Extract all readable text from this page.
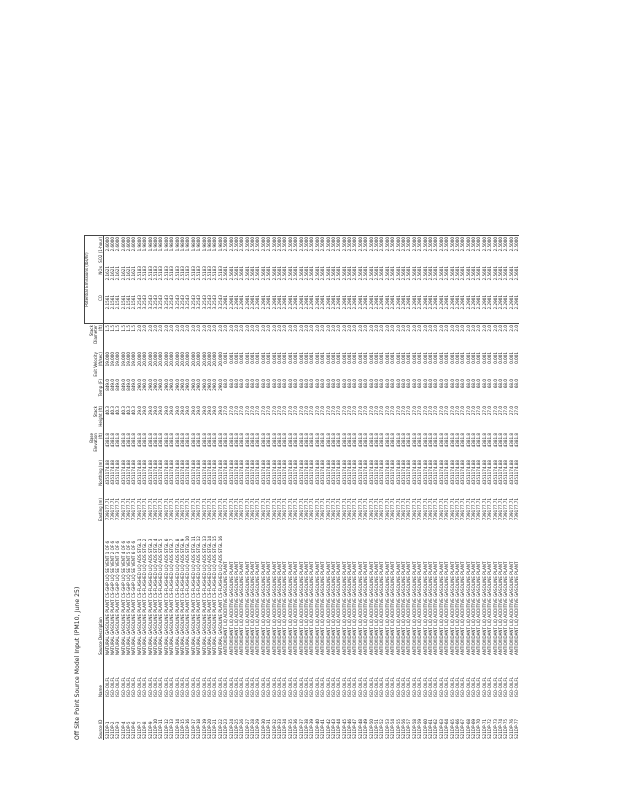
Off Site Point Source Model Input (PM10, June 25)
										Potential Emissions (lbs/hr)		
Source ID	Name	Source Description	Easting (m)	Northing (m)	Base Elevation (ft)	Stack Height (ft)	Temp (F)	Exit Velocity (ft/sec)	Stack Diameter (ft)	CO	NOx	SO2 (1-hour)
S21DP-1	ISO-OILFL	NATURAL GASOLINE PLANT CS-GHP LIQ SE VENT 1 OF 6	739177.71	4351174.88	4381.8	40.3	849.0	19.000	1.5	2.1561	2.1621	2.6000
S21DP-2	ISO-OILFL	NATURAL GASOLINE PLANT CS-GHP LIQ SE VENT 2 OF 6	739177.71	4351174.88	4381.8	40.3	849.0	19.000	1.5	2.1561	2.1621	2.6000
S21DP-3	ISO-OILFL	NATURAL GASOLINE PLANT CS-GHP LIQ SE VENT 3 OF 6	739177.71	4351174.88	4381.8	40.3	849.0	19.000	1.5	2.1561	2.1621	2.6000
S21DP-4	ISO-OILFL	NATURAL GASOLINE PLANT CS-GHP LIQ SE VENT 4 OF 6	739177.71	4351174.88	4381.8	40.3	849.0	19.000	1.5	2.1561	2.1621	2.6000
S21DP-5	ISO-OILFL	NATURAL GASOLINE PLANT CS-GHP LIQ SE VENT 5 OF 6	739177.71	4351174.88	4381.8	40.3	849.0	19.000	1.5	2.1561	2.1621	2.6000
S21DP-6	ISO-OILFL	NATURAL GASOLINE PLANT CS-GHP LIQ SE VENT 6 OF 6	739177.71	4351174.88	4381.8	40.3	849.0	19.000	1.5	2.1561	2.1621	2.6000
S21DP-7	ISO-OILFL	NATURAL GASOLINE PLANT CS-FLASHED LIQ ADS STGL 1	739177.71	4351174.88	4381.8	29.0	290.0	20.000	2.0	3.2543	2.5183	1.9800
S21DP-8	ISO-OILFL	NATURAL GASOLINE PLANT CS-FLASHED LIQ ADS STGL 2	739177.71	4351174.88	4381.8	29.0	290.0	20.000	2.0	3.2543	2.5183	1.9800
S21DP-9	ISO-OILFL	NATURAL GASOLINE PLANT CS-FLASHED LIQ ADS STGL 3	739177.71	4351174.88	4381.8	29.0	290.0	20.000	2.0	3.2543	2.5183	1.9800
S21DP-10	ISO-OILFL	NATURAL GASOLINE PLANT CS-FLASHED LIQ ADS STGL 4	739177.71	4351174.88	4381.8	29.0	290.0	20.000	2.0	3.2543	2.5183	1.9800
S21DP-11	ISO-OILFL	NATURAL GASOLINE PLANT CS-FLASHED LIQ ADS STGL 5	739177.71	4351174.88	4381.8	29.0	290.0	20.000	2.0	3.2543	2.5183	1.9800
S21DP-12	ISO-OILFL	NATURAL GASOLINE PLANT CS-FLASHED LIQ ADS STGL 6	739177.71	4351174.88	4381.8	29.0	290.0	20.000	2.0	3.2543	2.5183	1.9800
S21DP-13	ISO-OILFL	NATURAL GASOLINE PLANT CS-FLASHED LIQ ADS STGL 7	739177.71	4351174.88	4381.8	29.0	290.0	20.000	2.0	3.2543	2.5183	1.9800
S21DP-14	ISO-OILFL	NATURAL GASOLINE PLANT CS-FLASHED LIQ ADS STGL 8	739177.71	4351174.88	4381.8	29.0	290.0	20.000	2.0	3.2543	2.5183	1.9800
S21DP-15	ISO-OILFL	NATURAL GASOLINE PLANT CS-FLASHED LIQ ADS STGL 9	739177.71	4351174.88	4381.8	29.0	290.0	20.000	2.0	3.2543	2.5183	1.9800
S21DP-16	ISO-OILFL	NATURAL GASOLINE PLANT CS-FLASHED LIQ ADS STGL 10	739177.71	4351174.88	4381.8	29.0	290.0	20.000	2.0	3.2543	2.5183	1.9800
S21DP-17	ISO-OILFL	NATURAL GASOLINE PLANT CS-FLASHED LIQ ADS STGL 11	739177.71	4351174.88	4381.8	29.0	290.0	20.000	2.0	3.2543	2.5183	1.9800
S21DP-18	ISO-OILFL	NATURAL GASOLINE PLANT CS-FLASHED LIQ ADS STGL 12	739177.71	4351174.88	4381.8	29.0	290.0	20.000	2.0	3.2543	2.5183	1.9800
S21DP-19	ISO-OILFL	NATURAL GASOLINE PLANT CS-FLASHED LIQ ADS STGL 13	739177.71	4351174.88	4381.8	29.0	290.0	20.000	2.0	3.2543	2.5183	1.9800
S21DP-20	ISO-OILFL	NATURAL GASOLINE PLANT CS-FLASHED LIQ ADS STGL 14	739177.71	4351174.88	4381.8	29.0	290.0	20.000	2.0	3.2543	2.5183	1.9800
S21DP-21	ISO-OILFL	NATURAL GASOLINE PLANT CS-FLASHED LIQ ADS STGL 15	739177.71	4351174.88	4381.8	29.0	290.0	20.000	2.0	3.2543	2.5183	1.9800
S21DP-22	ISO-OILFL	NATURAL GASOLINE PLANT CS-FLASHED LIQ ADS STGL 16	739177.71	4351174.88	4381.8	29.0	290.0	20.000	2.0	3.2543	2.5183	1.9800
S21DP-23	ISO-OILFL	ANTIOXIDANT LIQ ADDITIVE GASOLINE PLANT	739177.71	4351174.88	4381.8	27.0	68.0	0.001	2.0	2.2901	2.5601	2.5000
S21DP-24	ISO-OILFL	ANTIOXIDANT LIQ ADDITIVE GASOLINE PLANT	739177.71	4351174.88	4381.8	27.0	68.0	0.001	2.0	2.2901	2.5601	2.5000
S21DP-25	ISO-OILFL	ANTIOXIDANT LIQ ADDITIVE GASOLINE PLANT	739177.71	4351174.88	4381.8	27.0	68.0	0.001	2.0	2.2901	2.5601	2.5000
S21DP-26	ISO-OILFL	ANTIOXIDANT LIQ ADDITIVE GASOLINE PLANT	739177.71	4351174.88	4381.8	27.0	68.0	0.001	2.0	2.2901	2.5601	2.5000
S21DP-27	ISO-OILFL	ANTIOXIDANT LIQ ADDITIVE GASOLINE PLANT	739177.71	4351174.88	4381.8	27.0	68.0	0.001	2.0	2.2901	2.5601	2.5000
S21DP-28	ISO-OILFL	ANTIOXIDANT LIQ ADDITIVE GASOLINE PLANT	739177.71	4351174.88	4381.8	27.0	68.0	0.001	2.0	2.2901	2.5601	2.5000
S21DP-29	ISO-OILFL	ANTIOXIDANT LIQ ADDITIVE GASOLINE PLANT	739177.71	4351174.88	4381.8	27.0	68.0	0.001	2.0	2.2901	2.5601	2.5000
S21DP-30	ISO-OILFL	ANTIOXIDANT LIQ ADDITIVE GASOLINE PLANT	739177.71	4351174.88	4381.8	27.0	68.0	0.001	2.0	2.2901	2.5601	2.5000
S21DP-31	ISO-OILFL	ANTIOXIDANT LIQ ADDITIVE GASOLINE PLANT	739177.71	4351174.88	4381.8	27.0	68.0	0.001	2.0	2.2901	2.5601	2.5000
S21DP-32	ISO-OILFL	ANTIOXIDANT LIQ ADDITIVE GASOLINE PLANT	739177.71	4351174.88	4381.8	27.0	68.0	0.001	2.0	2.2901	2.5601	2.5000
S21DP-33	ISO-OILFL	ANTIOXIDANT LIQ ADDITIVE GASOLINE PLANT	739177.71	4351174.88	4381.8	27.0	68.0	0.001	2.0	2.2901	2.5601	2.5000
S21DP-34	ISO-OILFL	ANTIOXIDANT LIQ ADDITIVE GASOLINE PLANT	739177.71	4351174.88	4381.8	27.0	68.0	0.001	2.0	2.2901	2.5601	2.5000
S21DP-35	ISO-OILFL	ANTIOXIDANT LIQ ADDITIVE GASOLINE PLANT	739177.71	4351174.88	4381.8	27.0	68.0	0.001	2.0	2.2901	2.5601	2.5000
S21DP-36	ISO-OILFL	ANTIOXIDANT LIQ ADDITIVE GASOLINE PLANT	739177.71	4351174.88	4381.8	27.0	68.0	0.001	2.0	2.2901	2.5601	2.5000
S21DP-37	ISO-OILFL	ANTIOXIDANT LIQ ADDITIVE GASOLINE PLANT	739177.71	4351174.88	4381.8	27.0	68.0	0.001	2.0	2.2901	2.5601	2.5000
S21DP-38	ISO-OILFL	ANTIOXIDANT LIQ ADDITIVE GASOLINE PLANT	739177.71	4351174.88	4381.8	27.0	68.0	0.001	2.0	2.2901	2.5601	2.5000
S21DP-39	ISO-OILFL	ANTIOXIDANT LIQ ADDITIVE GASOLINE PLANT	739177.71	4351174.88	4381.8	27.0	68.0	0.001	2.0	2.2901	2.5601	2.5000
S21DP-40	ISO-OILFL	ANTIOXIDANT LIQ ADDITIVE GASOLINE PLANT	739177.71	4351174.88	4381.8	27.0	68.0	0.001	2.0	2.2901	2.5601	2.5000
S21DP-41	ISO-OILFL	ANTIOXIDANT LIQ ADDITIVE GASOLINE PLANT	739177.71	4351174.88	4381.8	27.0	68.0	0.001	2.0	2.2901	2.5601	2.5000
S21DP-42	ISO-OILFL	ANTIOXIDANT LIQ ADDITIVE GASOLINE PLANT	739177.71	4351174.88	4381.8	27.0	68.0	0.001	2.0	2.2901	2.5601	2.5000
S21DP-43	ISO-OILFL	ANTIOXIDANT LIQ ADDITIVE GASOLINE PLANT	739177.71	4351174.88	4381.8	27.0	68.0	0.001	2.0	2.2901	2.5601	2.5000
S21DP-44	ISO-OILFL	ANTIOXIDANT LIQ ADDITIVE GASOLINE PLANT	739177.71	4351174.88	4381.8	27.0	68.0	0.001	2.0	2.2901	2.5601	2.5000
S21DP-45	ISO-OILFL	ANTIOXIDANT LIQ ADDITIVE GASOLINE PLANT	739177.71	4351174.88	4381.8	27.0	68.0	0.001	2.0	2.2901	2.5601	2.5000
S21DP-46	ISO-OILFL	ANTIOXIDANT LIQ ADDITIVE GASOLINE PLANT	739177.71	4351174.88	4381.8	27.0	68.0	0.001	2.0	2.2901	2.5601	2.5000
S21DP-47	ISO-OILFL	ANTIOXIDANT LIQ ADDITIVE GASOLINE PLANT	739177.71	4351174.88	4381.8	27.0	68.0	0.001	2.0	2.2901	2.5601	2.5000
S21DP-48	ISO-OILFL	ANTIOXIDANT LIQ ADDITIVE GASOLINE PLANT	739177.71	4351174.88	4381.8	27.0	68.0	0.001	2.0	2.2901	2.5601	2.5000
S21DP-49	ISO-OILFL	ANTIOXIDANT LIQ ADDITIVE GASOLINE PLANT	739177.71	4351174.88	4381.8	27.0	68.0	0.001	2.0	2.2901	2.5601	2.5000
S21DP-50	ISO-OILFL	ANTIOXIDANT LIQ ADDITIVE GASOLINE PLANT	739177.71	4351174.88	4381.8	27.0	68.0	0.001	2.0	2.2901	2.5601	2.5000
S21DP-51	ISO-OILFL	ANTIOXIDANT LIQ ADDITIVE GASOLINE PLANT	739177.71	4351174.88	4381.8	27.0	68.0	0.001	2.0	2.2901	2.5601	2.5000
S21DP-52	ISO-OILFL	ANTIOXIDANT LIQ ADDITIVE GASOLINE PLANT	739177.71	4351174.88	4381.8	27.0	68.0	0.001	2.0	2.2901	2.5601	2.5000
S21DP-53	ISO-OILFL	ANTIOXIDANT LIQ ADDITIVE GASOLINE PLANT	739177.71	4351174.88	4381.8	27.0	68.0	0.001	2.0	2.2901	2.5601	2.5000
S21DP-54	ISO-OILFL	ANTIOXIDANT LIQ ADDITIVE GASOLINE PLANT	739177.71	4351174.88	4381.8	27.0	68.0	0.001	2.0	2.2901	2.5601	2.5000
S21DP-55	ISO-OILFL	ANTIOXIDANT LIQ ADDITIVE GASOLINE PLANT	739177.71	4351174.88	4381.8	27.0	68.0	0.001	2.0	2.2901	2.5601	2.5000
S21DP-56	ISO-OILFL	ANTIOXIDANT LIQ ADDITIVE GASOLINE PLANT	739177.71	4351174.88	4381.8	27.0	68.0	0.001	2.0	2.2901	2.5601	2.5000
S21DP-57	ISO-OILFL	ANTIOXIDANT LIQ ADDITIVE GASOLINE PLANT	739177.71	4351174.88	4381.8	27.0	68.0	0.001	2.0	2.2901	2.5601	2.5000
S21DP-58	ISO-OILFL	ANTIOXIDANT LIQ ADDITIVE GASOLINE PLANT	739177.71	4351174.88	4381.8	27.0	68.0	0.001	2.0	2.2901	2.5601	2.5000
S21DP-59	ISO-OILFL	ANTIOXIDANT LIQ ADDITIVE GASOLINE PLANT	739177.71	4351174.88	4381.8	27.0	68.0	0.001	2.0	2.2901	2.5601	2.5000
S21DP-60	ISO-OILFL	ANTIOXIDANT LIQ ADDITIVE GASOLINE PLANT	739177.71	4351174.88	4381.8	27.0	68.0	0.001	2.0	2.2901	2.5601	2.5000
S21DP-61	ISO-OILFL	ANTIOXIDANT LIQ ADDITIVE GASOLINE PLANT	739177.71	4351174.88	4381.8	27.0	68.0	0.001	2.0	2.2901	2.5601	2.5000
S21DP-62	ISO-OILFL	ANTIOXIDANT LIQ ADDITIVE GASOLINE PLANT	739177.71	4351174.88	4381.8	27.0	68.0	0.001	2.0	2.2901	2.5601	2.5000
S21DP-63	ISO-OILFL	ANTIOXIDANT LIQ ADDITIVE GASOLINE PLANT	739177.71	4351174.88	4381.8	27.0	68.0	0.001	2.0	2.2901	2.5601	2.5000
S21DP-64	ISO-OILFL	ANTIOXIDANT LIQ ADDITIVE GASOLINE PLANT	739177.71	4351174.88	4381.8	27.0	68.0	0.001	2.0	2.2901	2.5601	2.5000
S21DP-65	ISO-OILFL	ANTIOXIDANT LIQ ADDITIVE GASOLINE PLANT	739177.71	4351174.88	4381.8	27.0	68.0	0.001	2.0	2.2901	2.5601	2.5000
S21DP-66	ISO-OILFL	ANTIOXIDANT LIQ ADDITIVE GASOLINE PLANT	739177.71	4351174.88	4381.8	27.0	68.0	0.001	2.0	2.2901	2.5601	2.5000
S21DP-67	ISO-OILFL	ANTIOXIDANT LIQ ADDITIVE GASOLINE PLANT	739177.71	4351174.88	4381.8	27.0	68.0	0.001	2.0	2.2901	2.5601	2.5000
S21DP-68	ISO-OILFL	ANTIOXIDANT LIQ ADDITIVE GASOLINE PLANT	739177.71	4351174.88	4381.8	27.0	68.0	0.001	2.0	2.2901	2.5601	2.5000
S21DP-69	ISO-OILFL	ANTIOXIDANT LIQ ADDITIVE GASOLINE PLANT	739177.71	4351174.88	4381.8	27.0	68.0	0.001	2.0	2.2901	2.5601	2.5000
S21DP-70	ISO-OILFL	ANTIOXIDANT LIQ ADDITIVE GASOLINE PLANT	739177.71	4351174.88	4381.8	27.0	68.0	0.001	2.0	2.2901	2.5601	2.5000
S21DP-71	ISO-OILFL	ANTIOXIDANT LIQ ADDITIVE GASOLINE PLANT	739177.71	4351174.88	4381.8	27.0	68.0	0.001	2.0	2.2901	2.5601	2.5000
S21DP-72	ISO-OILFL	ANTIOXIDANT LIQ ADDITIVE GASOLINE PLANT	739177.71	4351174.88	4381.8	27.0	68.0	0.001	2.0	2.2901	2.5601	2.5000
S21DP-73	ISO-OILFL	ANTIOXIDANT LIQ ADDITIVE GASOLINE PLANT	739177.71	4351174.88	4381.8	27.0	68.0	0.001	2.0	2.2901	2.5601	2.5000
S21DP-74	ISO-OILFL	ANTIOXIDANT LIQ ADDITIVE GASOLINE PLANT	739177.71	4351174.88	4381.8	27.0	68.0	0.001	2.0	2.2901	2.5601	2.5000
S21DP-75	ISO-OILFL	ANTIOXIDANT LIQ ADDITIVE GASOLINE PLANT	739177.71	4351174.88	4381.8	27.0	68.0	0.001	2.0	2.2901	2.5601	2.5000
S21DP-76	ISO-OILFL	ANTIOXIDANT LIQ ADDITIVE GASOLINE PLANT	739177.71	4351174.88	4381.8	27.0	68.0	0.001	2.0	2.2901	2.5601	2.5000
S21DP-77	ISO-OILFL	ANTIOXIDANT LIQ ADDITIVE GASOLINE PLANT	739177.71	4351174.88	4381.8	27.0	68.0	0.001	2.0	2.2901	2.5601	2.5000
